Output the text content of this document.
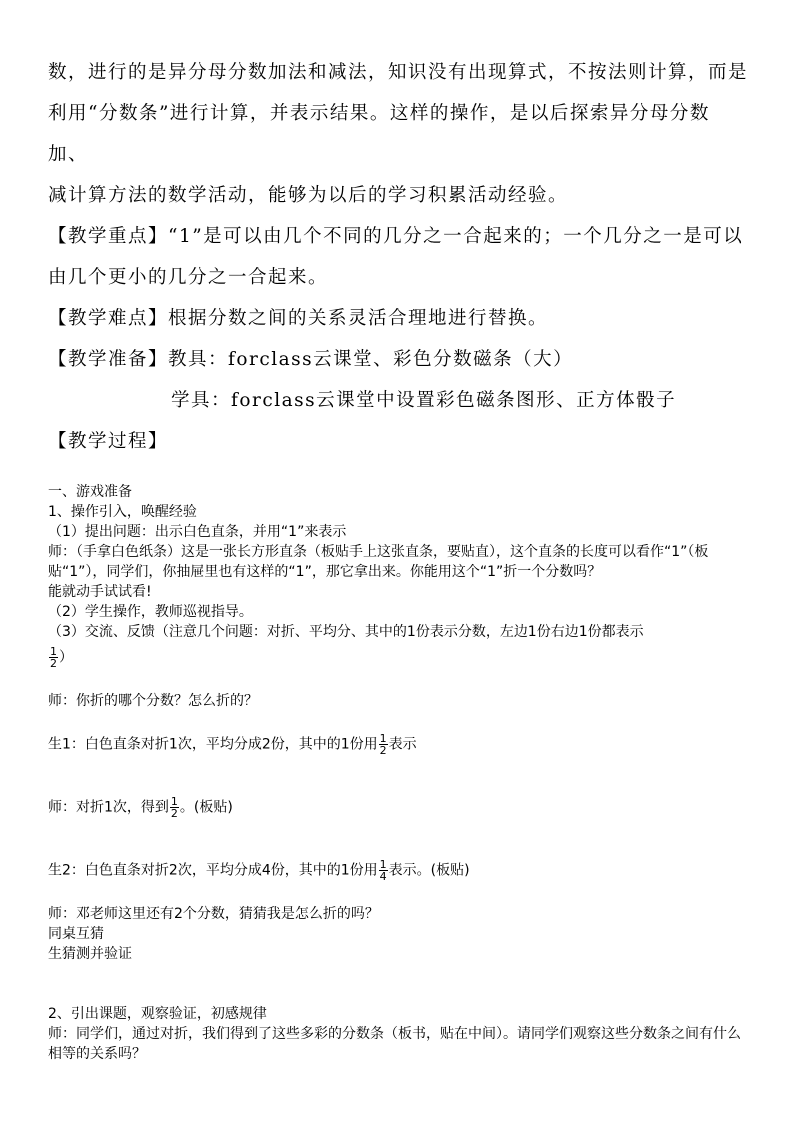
数，进行的是异分母分数加法和减法，知识没有出现算式，不按法则计算，而是

利用“分数条”进行计算，并表示结果。这样的操作，是以后探索异分母分数加、

减计算方法的数学活动，能够为以后的学习积累活动经验。

【教学重点】“1”是可以由几个不同的几分之一合起来的；一个几分之一是可以

由几个更小的几分之一合起来。

【教学难点】根据分数之间的关系灵活合理地进行替换。

【教学准备】教具：forclass云课堂、彩色分数磁条（大）

学具：forclass云课堂中设置彩色磁条图形、正方体骰子

【教学过程】

一、游戏准备

1、操作引入，唤醒经验

（1）提出问题：出示白色直条，并用“1”来表示

师：（手拿白色纸条）这是一张长方形直条（板贴手上这张直条，要贴直），这个直条的长度可以看作“1”（板贴“1”），同学们，你抽屉里也有这样的“1”，那它拿出来。你能用这个“1”折一个分数吗？

能就动手试试看!

（2）学生操作，教师巡视指导。

（3）交流、反馈（注意几个问题：对折、平均分、其中的1份表示分数，左边1份右边1份都表示

$\frac{1}{2}$ ）

师：你折的哪个分数？怎么折的？

生1：白色直条对折1次，平均分成2份，其中的1份用 $\frac{1}{2}$ 表示

师：对折1次，得到 $\frac{1}{2}$ 。(板贴)

生2：白色直条对折2次，平均分成4份，其中的1份用 $\frac{1}{4}$ 表示。(板贴)

师：邓老师这里还有2个分数，猜猜我是怎么折的吗？

同桌互猜

生猜测并验证

2、引出课题，观察验证，初感规律

师：同学们，通过对折，我们得到了这些多彩的分数条（板书，贴在中间）。请同学们观察这些分数条之间有什么相等的关系吗？
